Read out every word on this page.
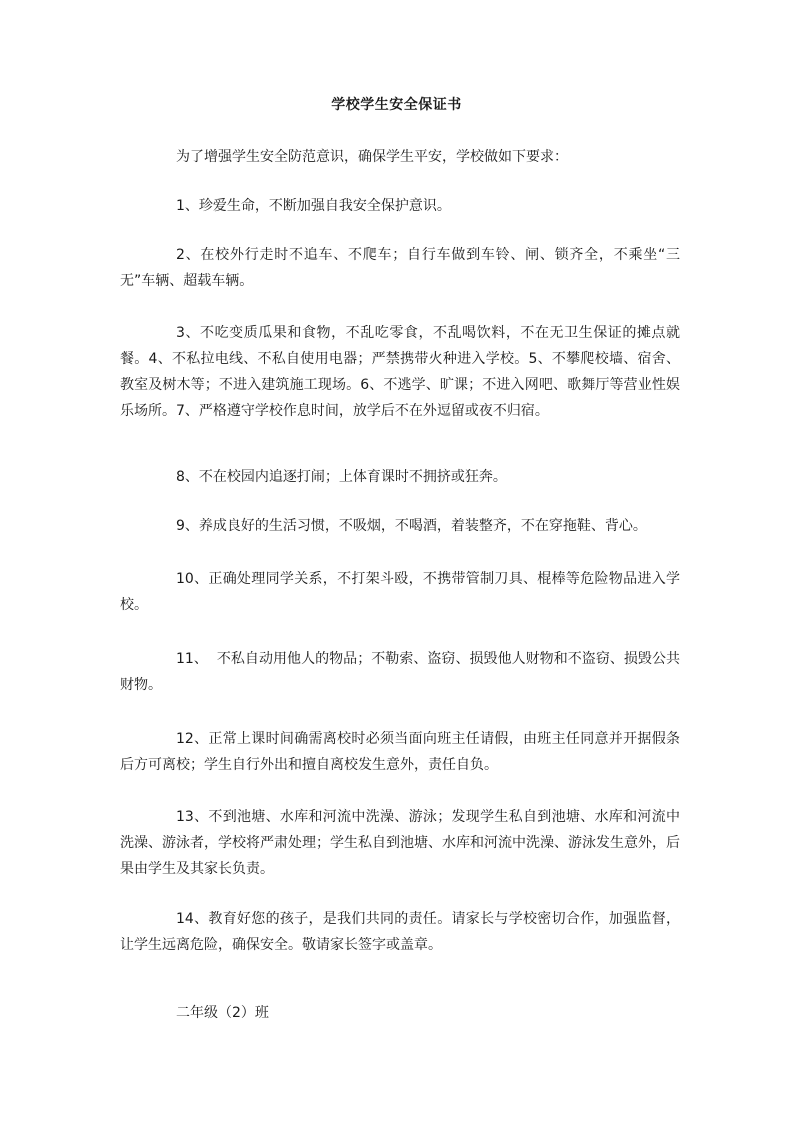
学校学生安全保证书
为了增强学生安全防范意识，确保学生平安，学校做如下要求：
1、珍爱生命，不断加强自我安全保护意识。
2、在校外行走时不追车、不爬车；自行车做到车铃、闸、锁齐全，不乘坐“三无”车辆、超载车辆。
3、不吃变质瓜果和食物，不乱吃零食，不乱喝饮料，不在无卫生保证的摊点就餐。4、不私拉电线、不私自使用电器；严禁携带火种进入学校。5、不攀爬校墙、宿舍、教室及树木等；不进入建筑施工现场。6、不逃学、旷课；不进入网吧、歌舞厅等营业性娱乐场所。7、严格遵守学校作息时间，放学后不在外逗留或夜不归宿。
8、不在校园内追逐打闹；上体育课时不拥挤或狂奔。
9、养成良好的生活习惯，不吸烟，不喝酒，着装整齐，不在穿拖鞋、背心。
10、正确处理同学关系，不打架斗殴，不携带管制刀具、棍棒等危险物品进入学校。
11、  不私自动用他人的物品；不勒索、盗窃、损毁他人财物和不盗窃、损毁公共财物。
12、正常上课时间确需离校时必须当面向班主任请假，由班主任同意并开据假条后方可离校；学生自行外出和擅自离校发生意外，责任自负。
13、不到池塘、水库和河流中洗澡、游泳；发现学生私自到池塘、水库和河流中洗澡、游泳者，学校将严肃处理；学生私自到池塘、水库和河流中洗澡、游泳发生意外，后果由学生及其家长负责。
14、教育好您的孩子，是我们共同的责任。请家长与学校密切合作，加强监督，让学生远离危险，确保安全。敬请家长签字或盖章。
二年级（2）班
